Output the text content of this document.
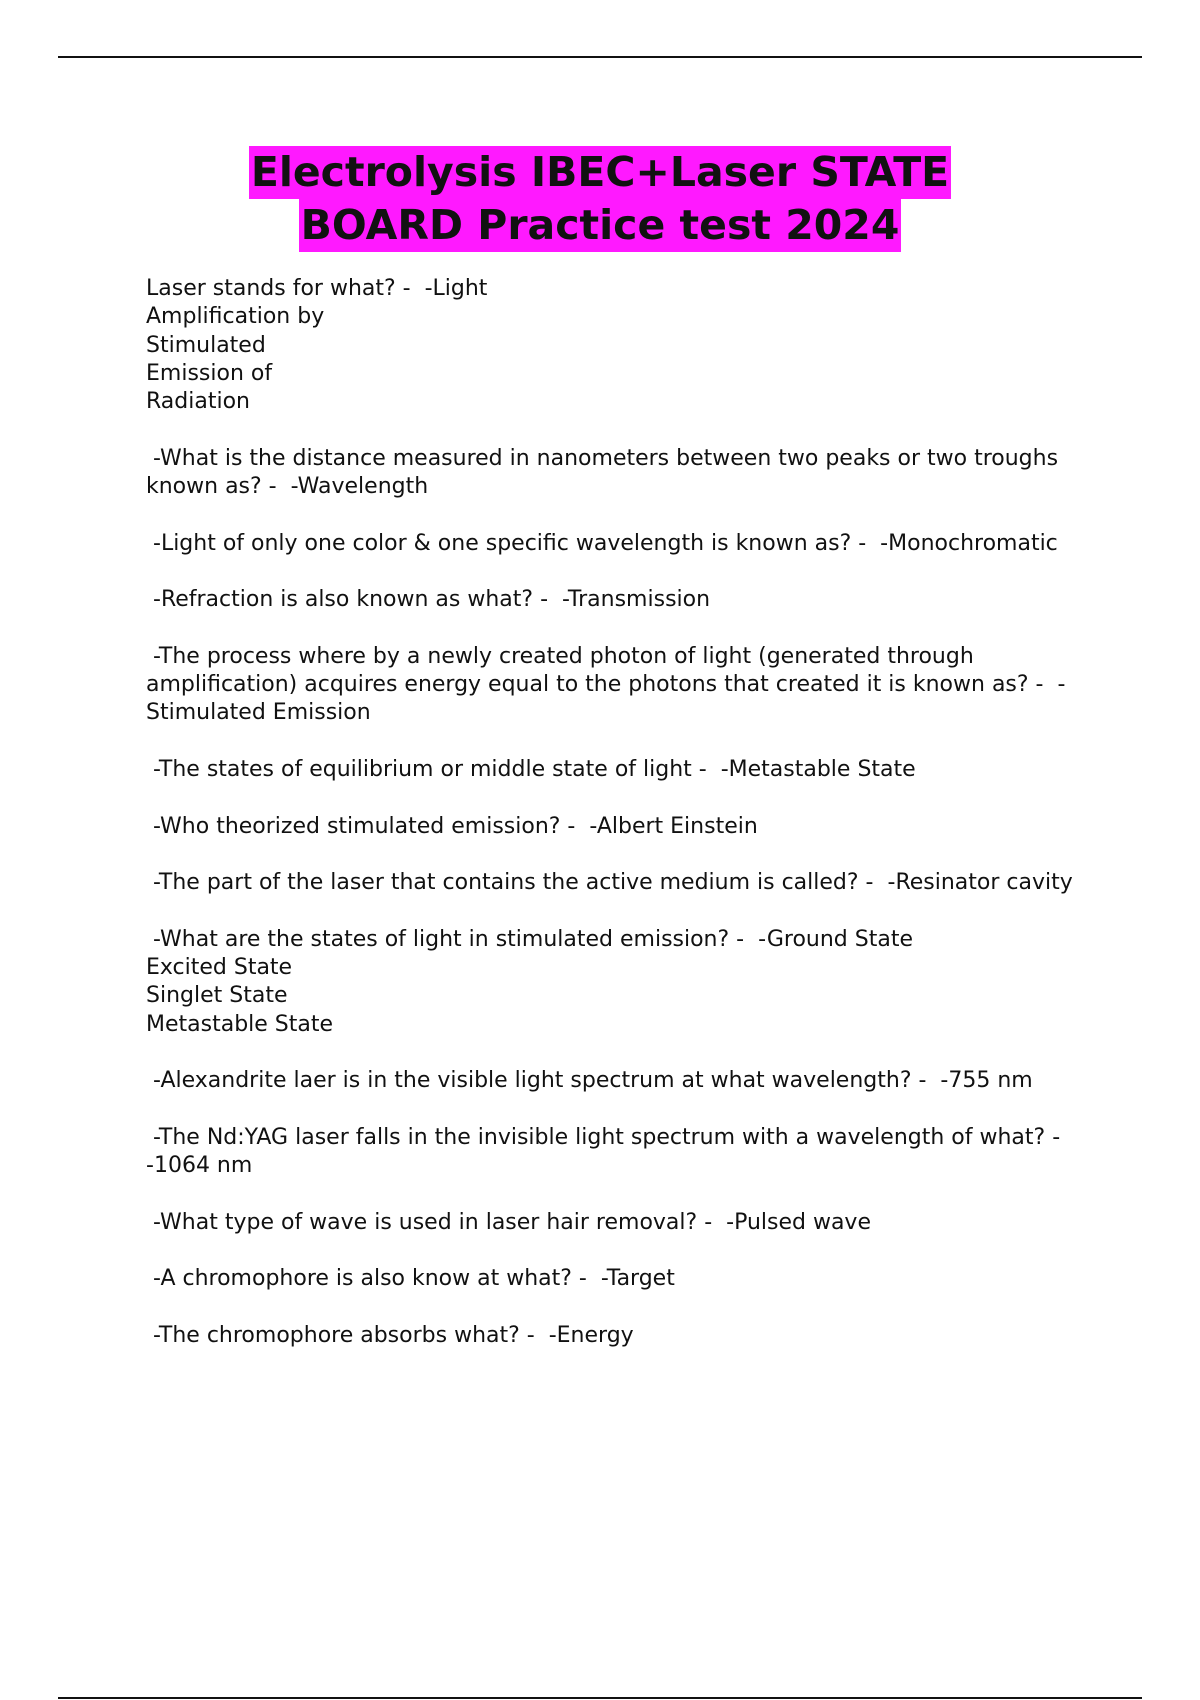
Electrolysis IBEC+Laser STATE
BOARD Practice test 2024
Laser stands for what? -  -Light
Amplification by
Stimulated
Emission of
Radiation
-What is the distance measured in nanometers between two peaks or two troughs known as? -  -Wavelength
-Light of only one color & one specific wavelength is known as? -  -Monochromatic
-Refraction is also known as what? -  -Transmission
-The process where by a newly created photon of light (generated through amplification) acquires energy equal to the photons that created it is known as? -  -Stimulated Emission
-The states of equilibrium or middle state of light -  -Metastable State
-Who theorized stimulated emission? -  -Albert Einstein
-The part of the laser that contains the active medium is called? -  -Resinator cavity
-What are the states of light in stimulated emission? -  -Ground State
Excited State
Singlet State
Metastable State
-Alexandrite laer is in the visible light spectrum at what wavelength? -  -755 nm
-The Nd:YAG laser falls in the invisible light spectrum with a wavelength of what? -  -1064 nm
-What type of wave is used in laser hair removal? -  -Pulsed wave
-A chromophore is also know at what? -  -Target
-The chromophore absorbs what? -  -Energy
